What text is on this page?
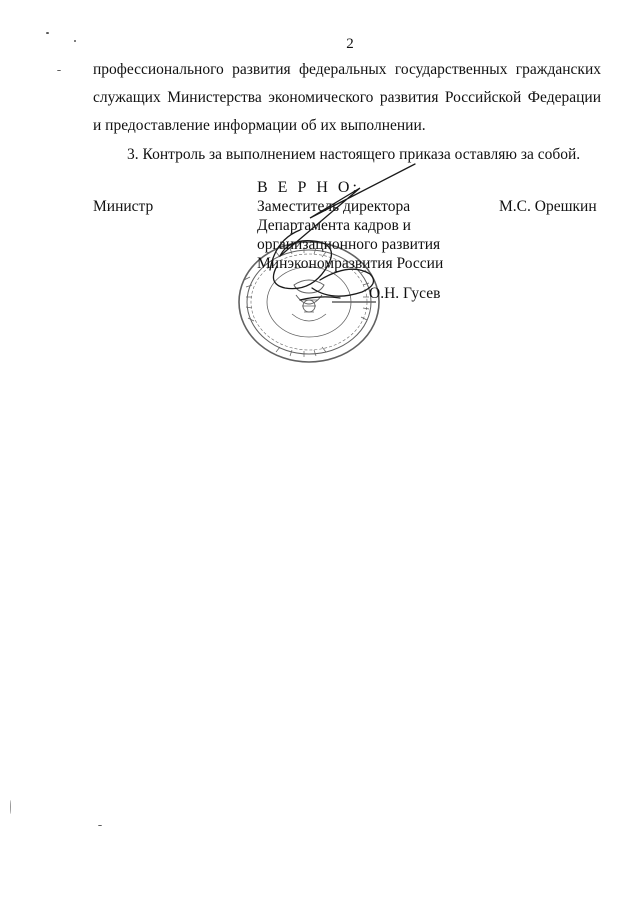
2
профессионального развития федеральных государственных гражданских
служащих Министерства экономического развития Российской Федерации
и предоставление информации об их выполнении.
3. Контроль за выполнением настоящего приказа оставляю за собой.
Министр	М.С. Орешкин
В Е Р Н О:
Заместитель директора
Департамента кадров и
организационного развития
Минэкономразвития России
О.Н. Гусев
